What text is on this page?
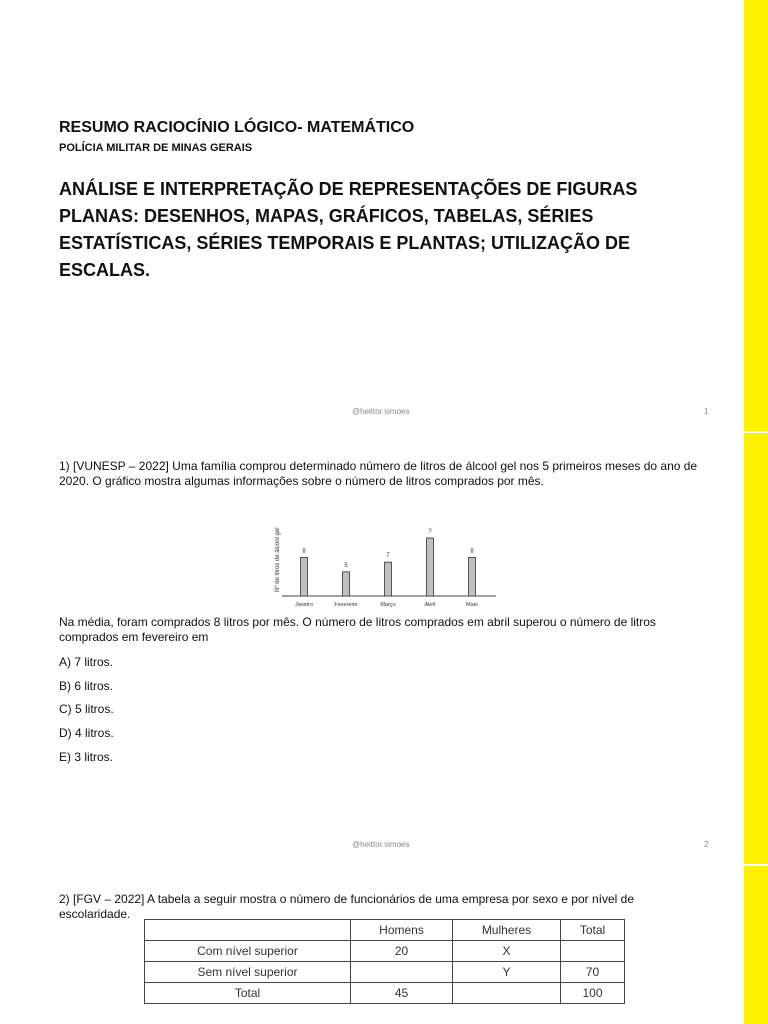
RESUMO RACIOCÍNIO LÓGICO- MATEMÁTICO
POLÍCIA MILITAR DE MINAS GERAIS
ANÁLISE E INTERPRETAÇÃO DE REPRESENTAÇÕES DE FIGURAS PLANAS: DESENHOS, MAPAS, GRÁFICOS, TABELAS, SÉRIES ESTATÍSTICAS, SÉRIES TEMPORAIS E PLANTAS; UTILIZAÇÃO DE ESCALAS.
@heittor.simoes	1
1) [VUNESP – 2022] Uma família comprou determinado número de litros de álcool gel nos 5 primeiros meses do ano de 2020. O gráfico mostra algumas informações sobre o número de litros comprados por mês.
Nº de litros de álcool gel	8
Janeiro
5
Fevereiro
7
Março
?
Abril
8
Maio
Na média, foram comprados 8 litros por mês. O número de litros comprados em abril superou o número de litros comprados em fevereiro em
A) 7 litros.
B) 6 litros.
C) 5 litros.
D) 4 litros.
E) 3 litros.
@heittor.simoes	2
2) [FGV – 2022] A tabela a seguir mostra o número de funcionários de uma empresa por sexo e por nível de escolaridade.
	Homens	Mulheres	Total
Com nível superior	20	X	
Sem nível superior		Y	70
Total	45		100
